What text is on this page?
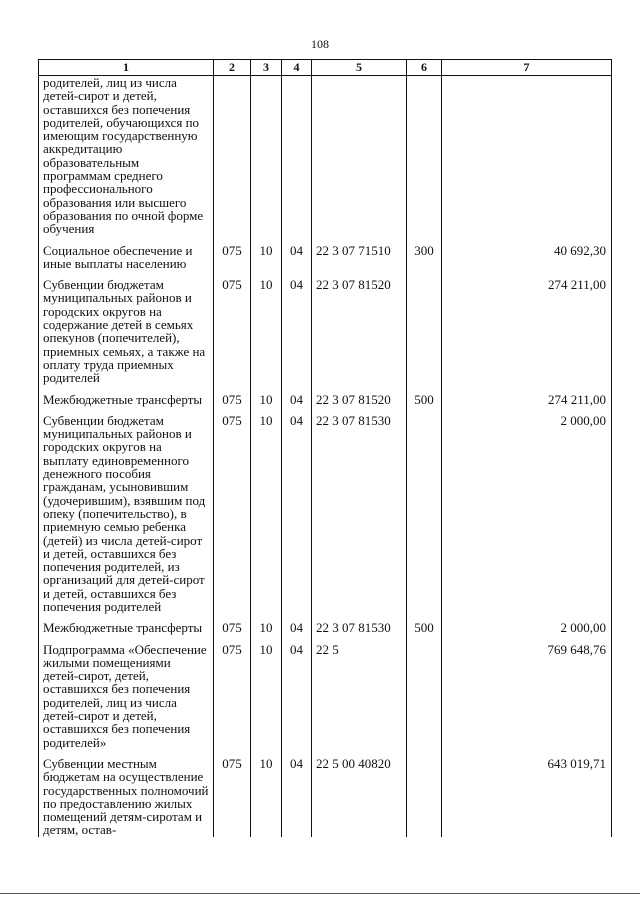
108
1	2	3	4	5	6	7
родителей, лиц из числа детей-сирот и детей, оставшихся без попечения родителей, обучающихся по имеющим государственную аккредитацию образовательным программам среднего профессионального образования или высшего образования по очной форме обучения						
Социальное обеспечение и иные выплаты населению	075	10	04	22 3 07 71510	300	40 692,30
Субвенции бюджетам муниципальных районов и городских округов на содержание детей в семьях опекунов (попечителей), приемных семьях, а также на оплату труда приемных родителей	075	10	04	22 3 07 81520		274 211,00
Межбюджетные трансферты	075	10	04	22 3 07 81520	500	274 211,00
Субвенции бюджетам муниципальных районов и городских округов на выплату единовременного денежного пособия гражданам, усыновившим (удочерившим), взявшим под опеку (попечительство), в приемную семью ребенка (детей) из числа детей-сирот и детей, оставшихся без попечения родителей, из организаций для детей-сирот и детей, оставшихся без попечения родителей	075	10	04	22 3 07 81530		2 000,00
Межбюджетные трансферты	075	10	04	22 3 07 81530	500	2 000,00
Подпрограмма «Обеспечение жилыми помещениями детей-сирот, детей, оставшихся без попечения родителей, лиц из числа детей-сирот и детей, оставшихся без попечения родителей»	075	10	04	22 5		769 648,76
Субвенции местным бюджетам на осуществление государственных полномочий по предоставлению жилых помещений детям-сиротам и детям, остав-	075	10	04	22 5 00 40820		643 019,71
